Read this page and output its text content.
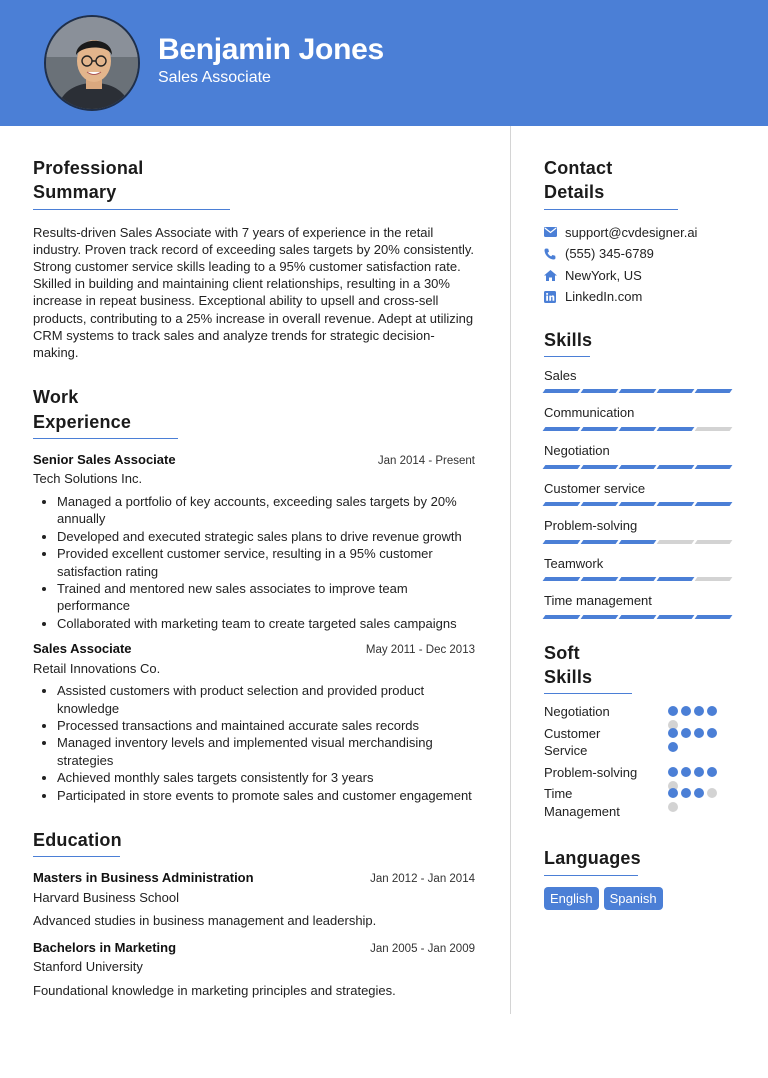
Benjamin Jones
Sales Associate
Professional Summary

Results-driven Sales Associate with 7 years of experience in the retail industry. Proven track record of exceeding sales targets by 20% consistently. Strong customer service skills leading to a 95% customer satisfaction rate. Skilled in building and maintaining client relationships, resulting in a 30% increase in repeat business. Exceptional ability to upsell and cross-sell products, contributing to a 25% increase in overall revenue. Adept at utilizing CRM systems to track sales and analyze trends for strategic decision-making.

Work Experience
Senior Sales Associate	Jan 2014 - Present
Tech Solutions Inc.
• Managed a portfolio of key accounts, exceeding sales targets by 20% annually
• Developed and executed strategic sales plans to drive revenue growth
• Provided excellent customer service, resulting in a 95% customer satisfaction rating
• Trained and mentored new sales associates to improve team performance
• Collaborated with marketing team to create targeted sales campaigns
Sales Associate	May 2011 - Dec 2013
Retail Innovations Co.
• Assisted customers with product selection and provided product knowledge
• Processed transactions and maintained accurate sales records
• Managed inventory levels and implemented visual merchandising strategies
• Achieved monthly sales targets consistently for 3 years
• Participated in store events to promote sales and customer engagement
Education
Masters in Business Administration	Jan 2012 - Jan 2014
Harvard Business School
Advanced studies in business management and leadership.
Bachelors in Marketing	Jan 2005 - Jan 2009
Stanford University
Foundational knowledge in marketing principles and strategies.
Contact Details
support@cvdesigner.ai
(555) 345-6789
NewYork, US
LinkedIn.com
Skills
Sales
Communication
Negotiation
Customer service
Problem-solving
Teamwork
Time management
Soft Skills
Negotiation
Customer Service
Problem-solving
Time Management
Languages
English	Spanish
